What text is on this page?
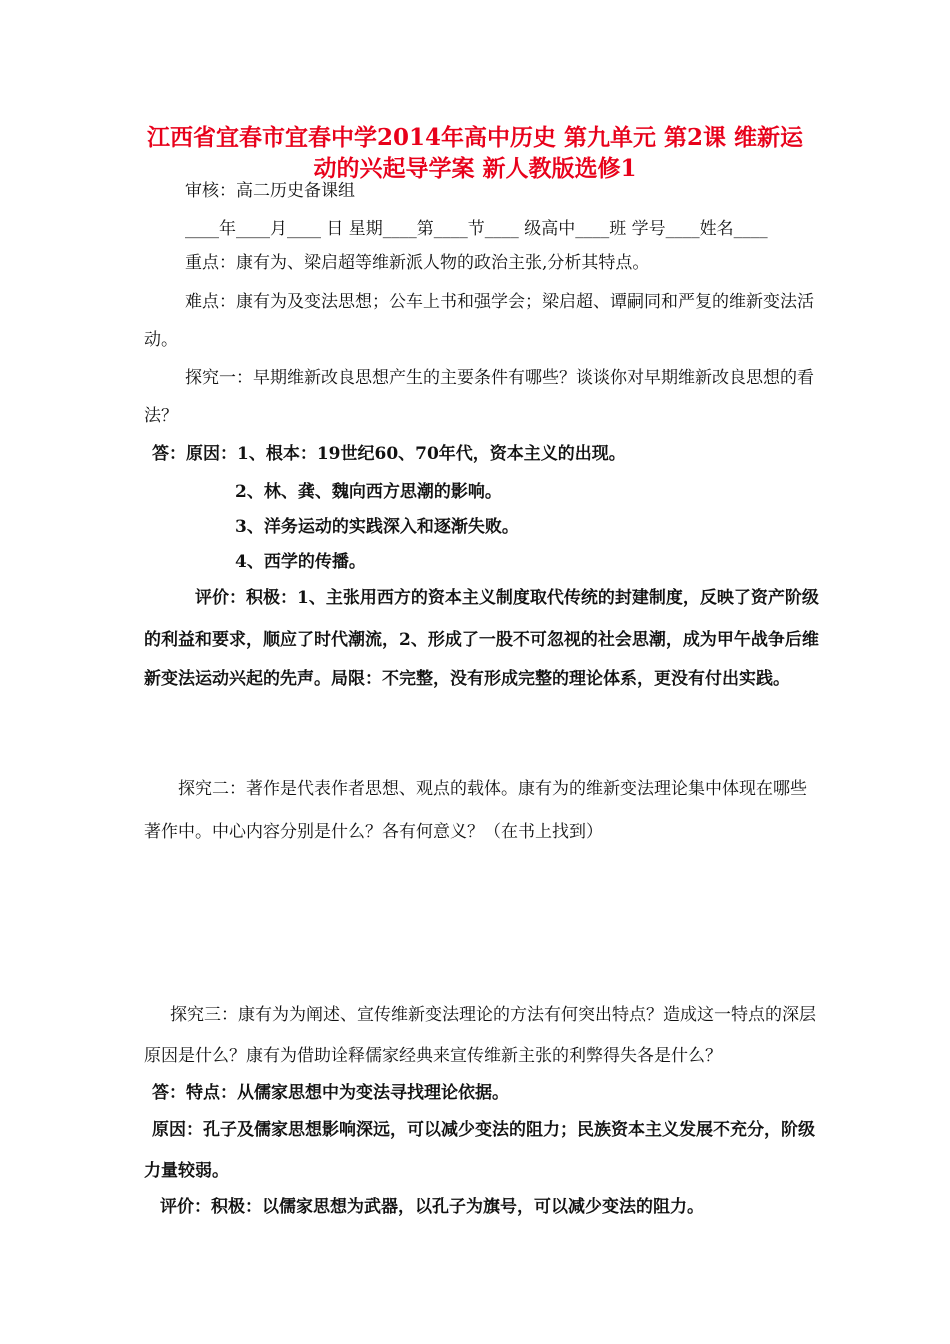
江西省宜春市宜春中学2014年高中历史 第九单元 第2课 维新运
动的兴起导学案 新人教版选修1
审核：高二历史备课组
____年____月____ 日 星期____第____节____ 级高中____班 学号____姓名____
重点：康有为、梁启超等维新派人物的政治主张,分析其特点。
难点：康有为及变法思想；公车上书和强学会；梁启超、谭嗣同和严复的维新变法活
动。
探究一：早期维新改良思想产生的主要条件有哪些？谈谈你对早期维新改良思想的看
法？
答：原因：1、根本：19世纪60、70年代，资本主义的出现。
2、林、龚、魏向西方思潮的影响。
3、洋务运动的实践深入和逐渐失败。
4、西学的传播。
评价：积极：1、主张用西方的资本主义制度取代传统的封建制度，反映了资产阶级
的利益和要求，顺应了时代潮流，2、形成了一股不可忽视的社会思潮，成为甲午战争后维
新变法运动兴起的先声。局限：不完整，没有形成完整的理论体系，更没有付出实践。
探究二：著作是代表作者思想、观点的载体。康有为的维新变法理论集中体现在哪些
著作中。中心内容分别是什么？各有何意义？（在书上找到）
探究三：康有为为阐述、宣传维新变法理论的方法有何突出特点？造成这一特点的深层
原因是什么？康有为借助诠释儒家经典来宣传维新主张的利弊得失各是什么？
答：特点：从儒家思想中为变法寻找理论依据。
原因：孔子及儒家思想影响深远，可以减少变法的阻力；民族资本主义发展不充分，阶级
力量较弱。
评价：积极：以儒家思想为武器，以孔子为旗号，可以减少变法的阻力。
